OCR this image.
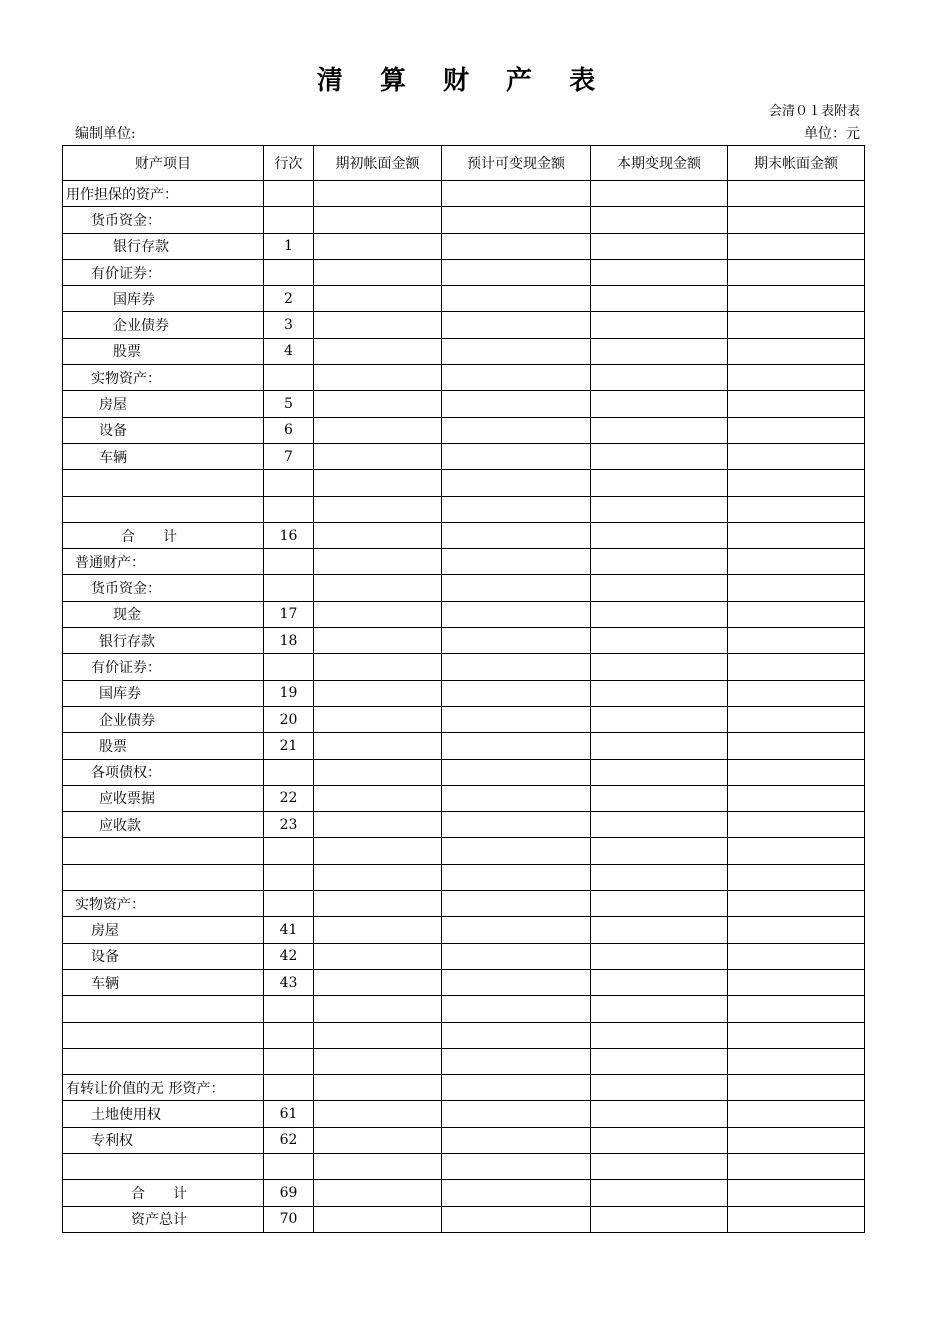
清 算 财 产 表
会清０１表附表
编制单位:	单位：元
财产项目	行次	期初帐面金额	预计可变现金额	本期变现金额	期末帐面金额
用作担保的资产：					
货币资金：					
银行存款	1				
有价证券：					
国库券	2				
企业债券	3				
股票	4				
实物资产：					
房屋	5				
设备	6				
车辆	7				

合　　计	16				
普通财产：					
货币资金：					
现金	17				
银行存款	18				
有价证券：					
国库券	19				
企业债券	20				
股票	21				
各项债权：					
应收票据	22				
应收款	23				

实物资产：					
房屋	41				
设备	42				
车辆	43				

有转让价值的无 形资产：					
土地使用权	61				
专利权	62				

合　　计	69				
资产总计	70				
